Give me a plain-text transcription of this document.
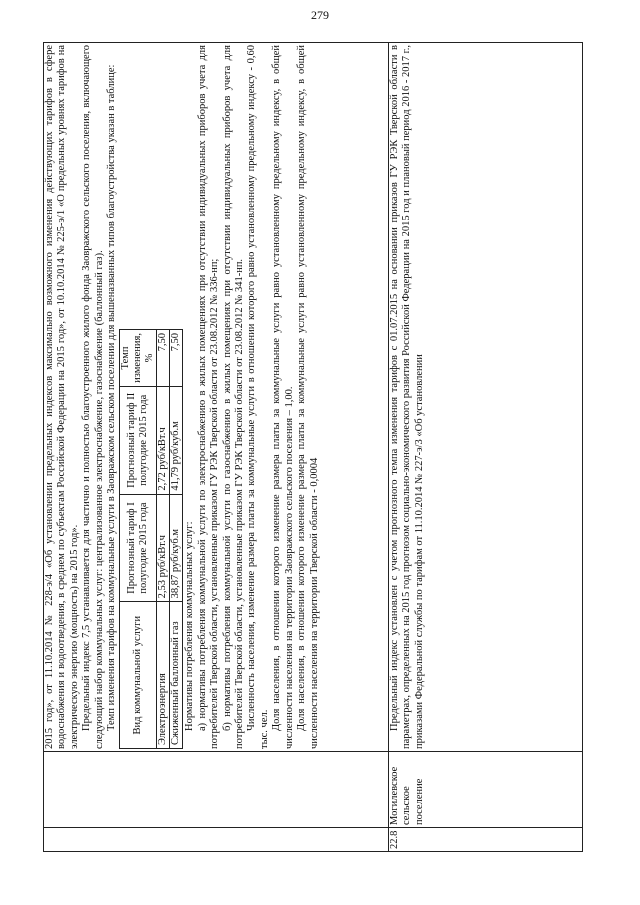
279

2015 год», от 11.10.2014 № 228-э/4 «Об установлении предельных индексов максимально возможного изменения действующих тарифов в сфере водоснабжения и водоотведения, в среднем по субъектам Российской Федерации на 2015 год», от 10.10.2014 № 225-э/1 «О предельных уровнях тарифов на электрическую энергию (мощность) на 2015 год». Предельный индекс 7,5 устанавливается для частично и полностью благоустроенного жилого фонда Заовражского сельского поселения, включающего следующий набор коммунальных услуг: централизованное электроснабжение, газоснабжение (баллонный газ). Темп изменения тарифов на коммунальные услуги в Заовражском сельском поселении для вышеназванных типов благоустройства указан в таблице: Вид коммунальной услуги	Прогнозный тариф I полугодие 2015 года	Прогнозный тариф II полугодие 2015 года	Темп изменения, %
Электроэнергия	2,53 руб/кВт.ч	2,72 руб/кВт.ч	7,50
Сжиженный баллонный газ	38,87 руб/куб.м	41,79 руб/куб.м	7,50

Нормативы потребления коммунальных услуг: а) нормативы потребления коммунальной услуги по электроснабжению в жилых помещениях при отсутствии индивидуальных приборов учета для потребителей Тверской области, установленные приказом ГУ РЭК Тверской области от 23.08.2012 № 336-нп; б) нормативы потребления коммунальной услуги по газоснабжению в жилых помещениях при отсутствии индивидуальных приборов учета для потребителей Тверской области, установленные приказом ГУ РЭК Тверской области от 23.08.2012 № 341-нп. Численность населения, изменение размера платы за коммунальные услуги в отношении которого равно установленному предельному индексу - 0,60 тыс. чел. Доля населения, в отношении которого изменение размера платы за коммунальные услуги равно установленному предельному индексу, в общей численности населения на территории Заовражского сельского поселения – 1,00. Доля населения, в отношении которого изменение размера платы за коммунальные услуги равно установленному предельному индексу, в общей численности населения на территории Тверской области - 0,0004

22.8	Могилевское сельское поселение	

Предельный индекс установлен с учетом прогнозного темпа изменения тарифов с 01.07.2015 на основании приказов ГУ РЭК Тверской области в параметрах, определенных на 2015 год прогнозом социально-экономического развития Российской Федерации на 2015 год и плановый период 2016 - 2017 г., приказами Федеральной службы по тарифам от 11.10.2014 № 227-э/3 «Об установлении
